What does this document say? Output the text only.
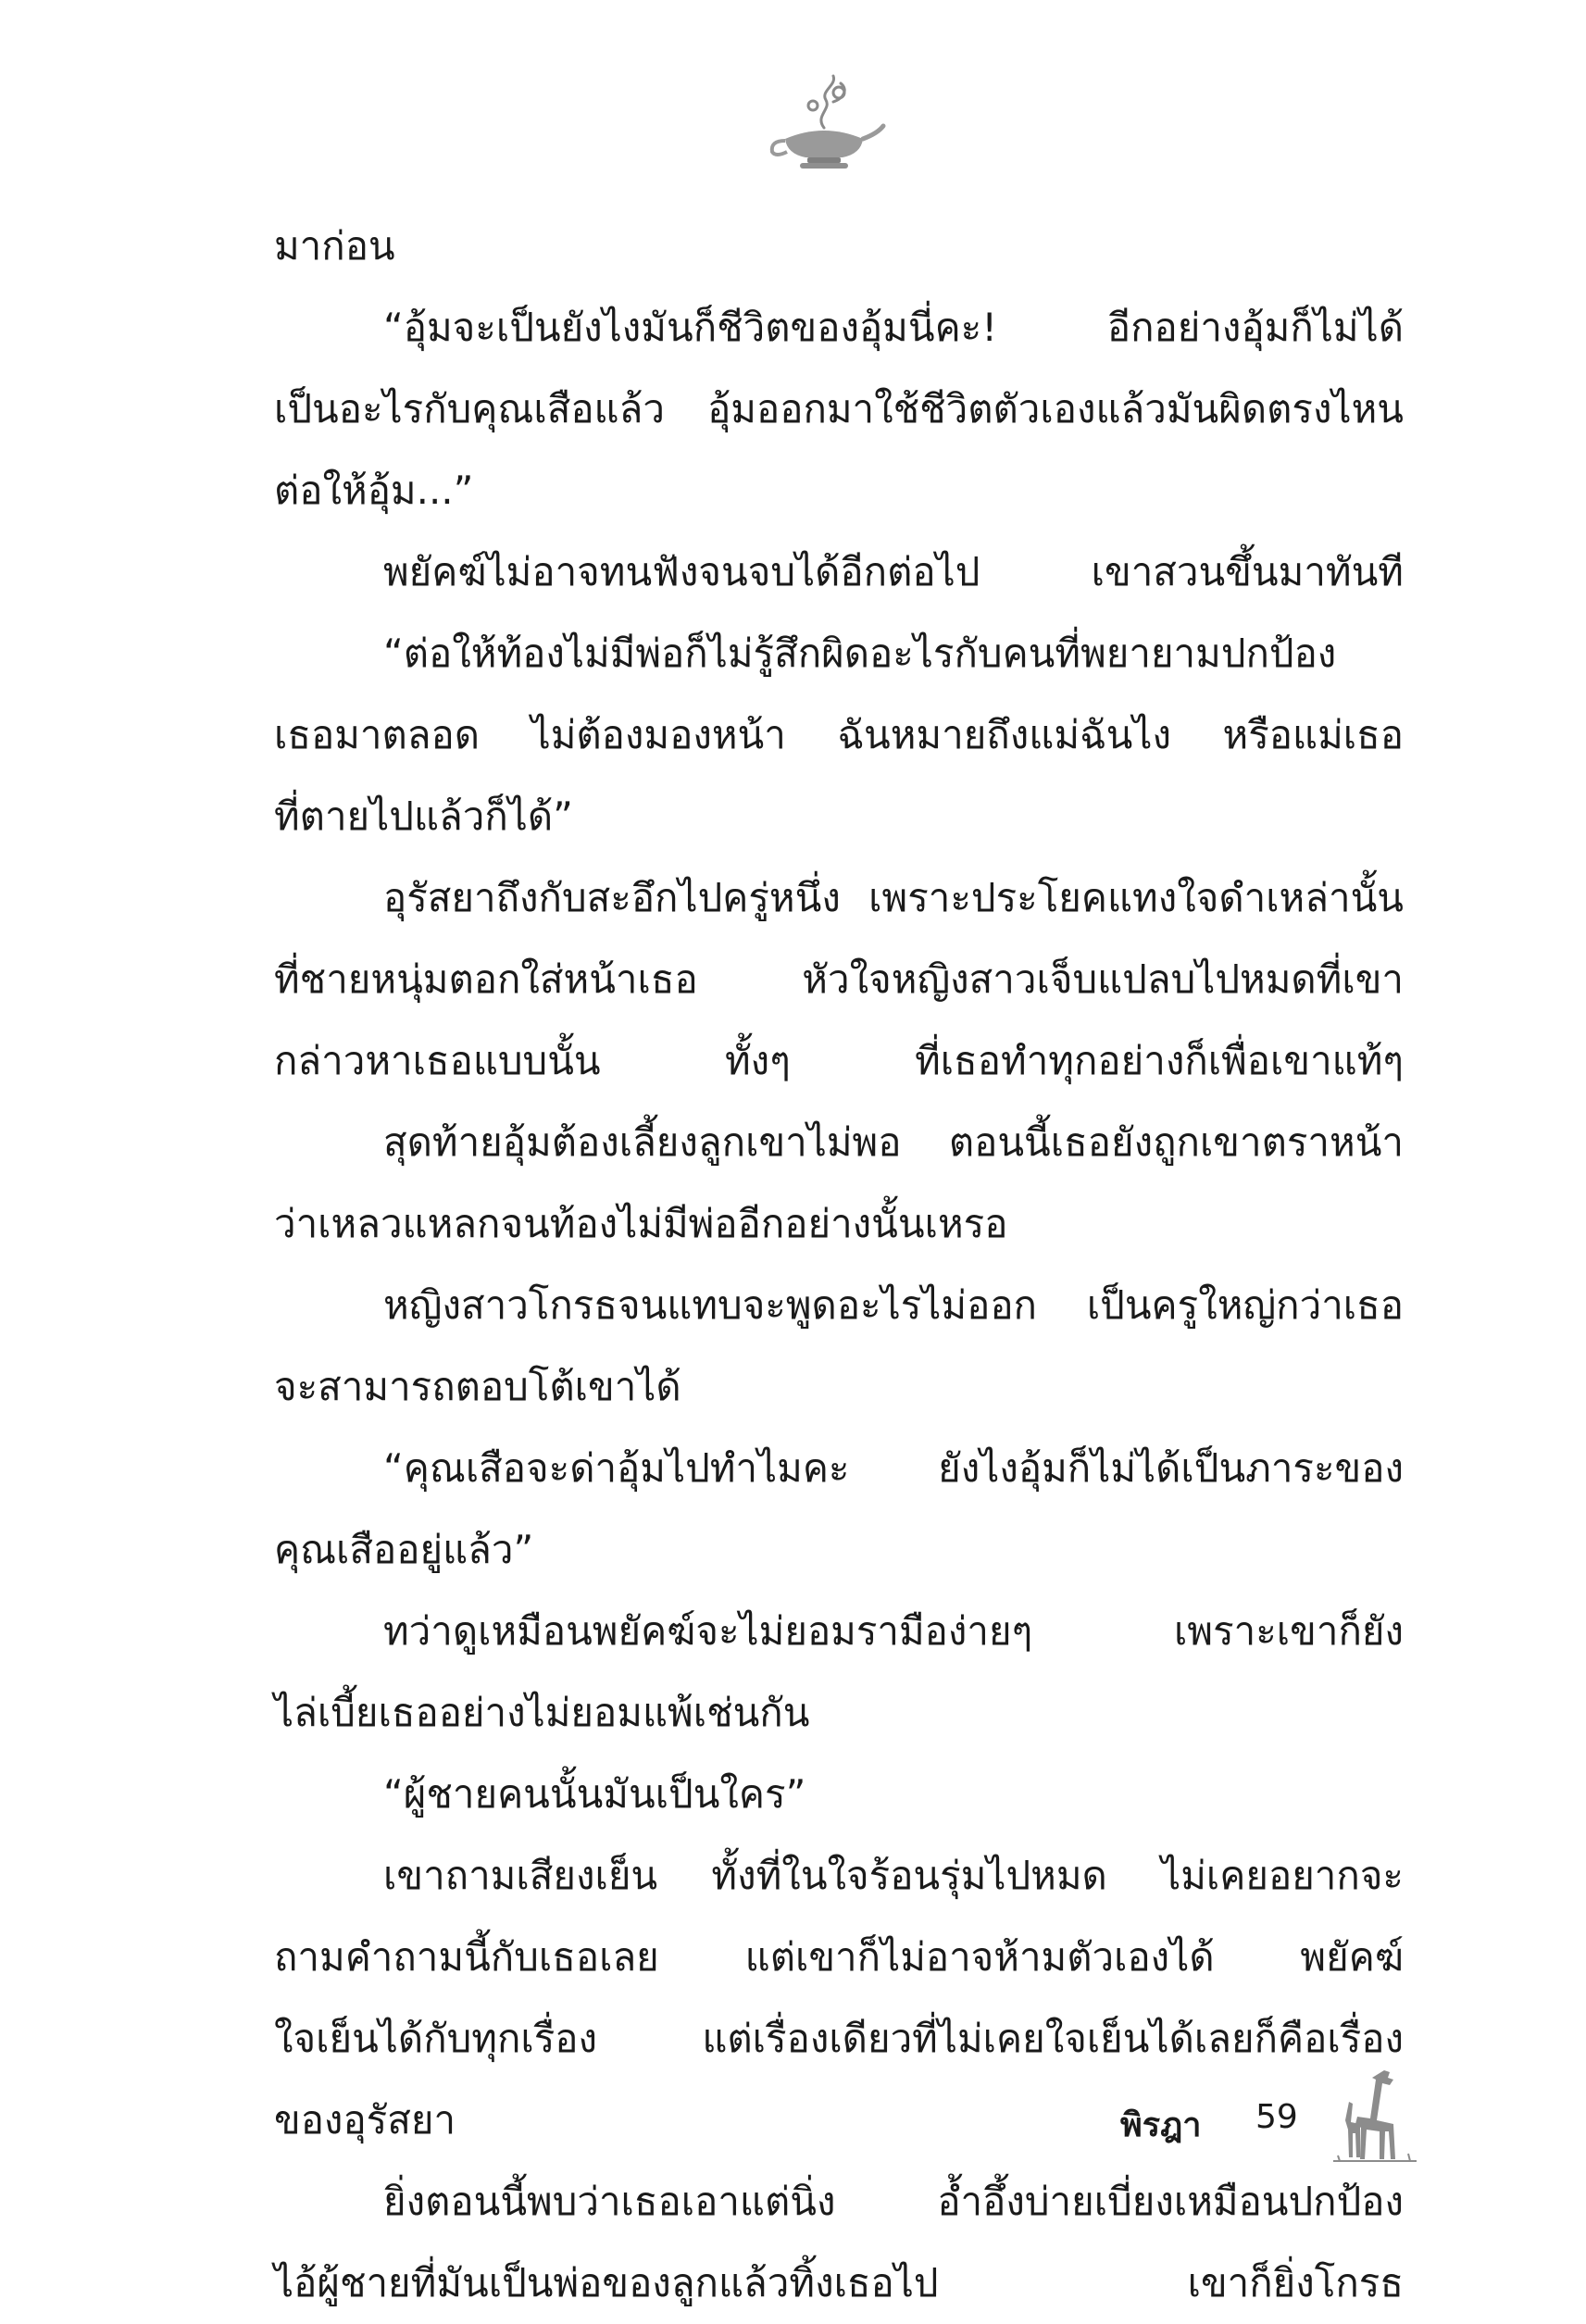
มาก่อน
“อุ้มจะเป็นยังไงมันก็ชีวิตของอุ้มนี่คะ! อีกอย่างอุ้มก็ไม่ได้
เป็นอะไรกับคุณเสือแล้ว อุ้มออกมาใช้ชีวิตตัวเองแล้วมันผิดตรงไหน
ต่อให้อุ้ม...”
พยัคฆ์ไม่อาจทนฟังจนจบได้อีกต่อไป เขาสวนขึ้นมาทันที
“ต่อให้ท้องไม่มีพ่อก็ไม่รู้สึกผิดอะไรกับคนที่พยายามปกป้อง
เธอมาตลอด ไม่ต้องมองหน้า ฉันหมายถึงแม่ฉันไง หรือแม่เธอ
ที่ตายไปแล้วก็ได้”
อุรัสยาถึงกับสะอึกไปครู่หนึ่ง เพราะประโยคแทงใจดำเหล่านั้น
ที่ชายหนุ่มตอกใส่หน้าเธอ หัวใจหญิงสาวเจ็บแปลบไปหมดที่เขา
กล่าวหาเธอแบบนั้น ทั้งๆ ที่เธอทำทุกอย่างก็เพื่อเขาแท้ๆ
สุดท้ายอุ้มต้องเลี้ยงลูกเขาไม่พอ ตอนนี้เธอยังถูกเขาตราหน้า
ว่าเหลวแหลกจนท้องไม่มีพ่ออีกอย่างนั้นเหรอ
หญิงสาวโกรธจนแทบจะพูดอะไรไม่ออก เป็นครูใหญ่กว่าเธอ
จะสามารถตอบโต้เขาได้
“คุณเสือจะด่าอุ้มไปทำไมคะ ยังไงอุ้มก็ไม่ได้เป็นภาระของ
คุณเสืออยู่แล้ว”
ทว่าดูเหมือนพยัคฆ์จะไม่ยอมรามือง่ายๆ เพราะเขาก็ยัง
ไล่เบี้ยเธออย่างไม่ยอมแพ้เช่นกัน
“ผู้ชายคนนั้นมันเป็นใคร”
เขาถามเสียงเย็น ทั้งที่ในใจร้อนรุ่มไปหมด ไม่เคยอยากจะ
ถามคำถามนี้กับเธอเลย แต่เขาก็ไม่อาจห้ามตัวเองได้ พยัคฆ์
ใจเย็นได้กับทุกเรื่อง แต่เรื่องเดียวที่ไม่เคยใจเย็นได้เลยก็คือเรื่อง
ของอุรัสยา
ยิ่งตอนนี้พบว่าเธอเอาแต่นิ่ง อ้ำอึ้งบ่ายเบี่ยงเหมือนปกป้อง
ไอ้ผู้ชายที่มันเป็นพ่อของลูกแล้วทิ้งเธอไป เขาก็ยิ่งโกรธ
พิรฎา 59
